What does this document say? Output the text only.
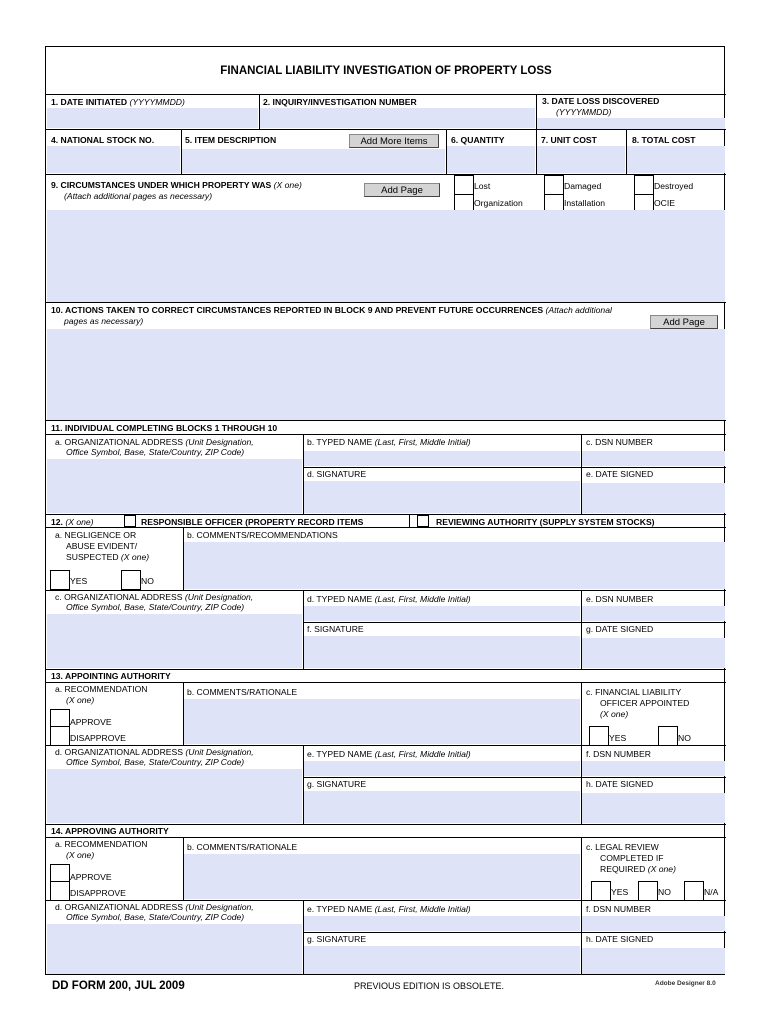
FINANCIAL LIABILITY INVESTIGATION OF PROPERTY LOSS
1. DATE INITIATED (YYYYMMDD)	2. INQUIRY/INVESTIGATION NUMBER	3. DATE LOSS DISCOVERED
(YYYYMMDD)
4. NATIONAL STOCK NO.	5. ITEM DESCRIPTION	Add More Items	6. QUANTITY	7. UNIT COST	8. TOTAL COST
9. CIRCUMSTANCES UNDER WHICH PROPERTY WAS (X one)
(Attach additional pages as necessary)	Add Page	Lost
Organization
Damaged
Installation
Destroyed
OCIE
10. ACTIONS TAKEN TO CORRECT CIRCUMSTANCES REPORTED IN BLOCK 9 AND PREVENT FUTURE OCCURRENCES (Attach additional
pages as necessary)	Add Page
11. INDIVIDUAL COMPLETING BLOCKS 1 THROUGH 10
a. ORGANIZATIONAL ADDRESS (Unit Designation,
Office Symbol, Base, State/Country, ZIP Code)
b. TYPED NAME (Last, First, Middle Initial)	c. DSN NUMBER
d. SIGNATURE	e. DATE SIGNED
12. (X one)	RESPONSIBLE OFFICER (PROPERTY RECORD ITEMS	REVIEWING AUTHORITY (SUPPLY SYSTEM STOCKS)
a. NEGLIGENCE OR
ABUSE EVIDENT/
SUSPECTED (X one)
YES	NO
b. COMMENTS/RECOMMENDATIONS
c. ORGANIZATIONAL ADDRESS (Unit Designation,
Office Symbol, Base, State/Country, ZIP Code)
d. TYPED NAME (Last, First, Middle Initial)	e. DSN NUMBER
f. SIGNATURE	g. DATE SIGNED
13. APPOINTING AUTHORITY
a. RECOMMENDATION
(X one)
APPROVE
DISAPPROVE
b. COMMENTS/RATIONALE	c. FINANCIAL LIABILITY
OFFICER APPOINTED
(X one)
YES	NO
d. ORGANIZATIONAL ADDRESS (Unit Designation,
Office Symbol, Base, State/Country, ZIP Code)
e. TYPED NAME (Last, First, Middle Initial)	f. DSN NUMBER
g. SIGNATURE	h. DATE SIGNED
14. APPROVING AUTHORITY
a. RECOMMENDATION
(X one)
APPROVE
DISAPPROVE
b. COMMENTS/RATIONALE	c. LEGAL REVIEW
COMPLETED IF
REQUIRED (X one)
YES	NO	N/A
d. ORGANIZATIONAL ADDRESS (Unit Designation,
Office Symbol, Base, State/Country, ZIP Code)
e. TYPED NAME (Last, First, Middle Initial)	f. DSN NUMBER
g. SIGNATURE	h. DATE SIGNED
DD FORM 200, JUL 2009	PREVIOUS EDITION IS OBSOLETE.	Adobe Designer 8.0
